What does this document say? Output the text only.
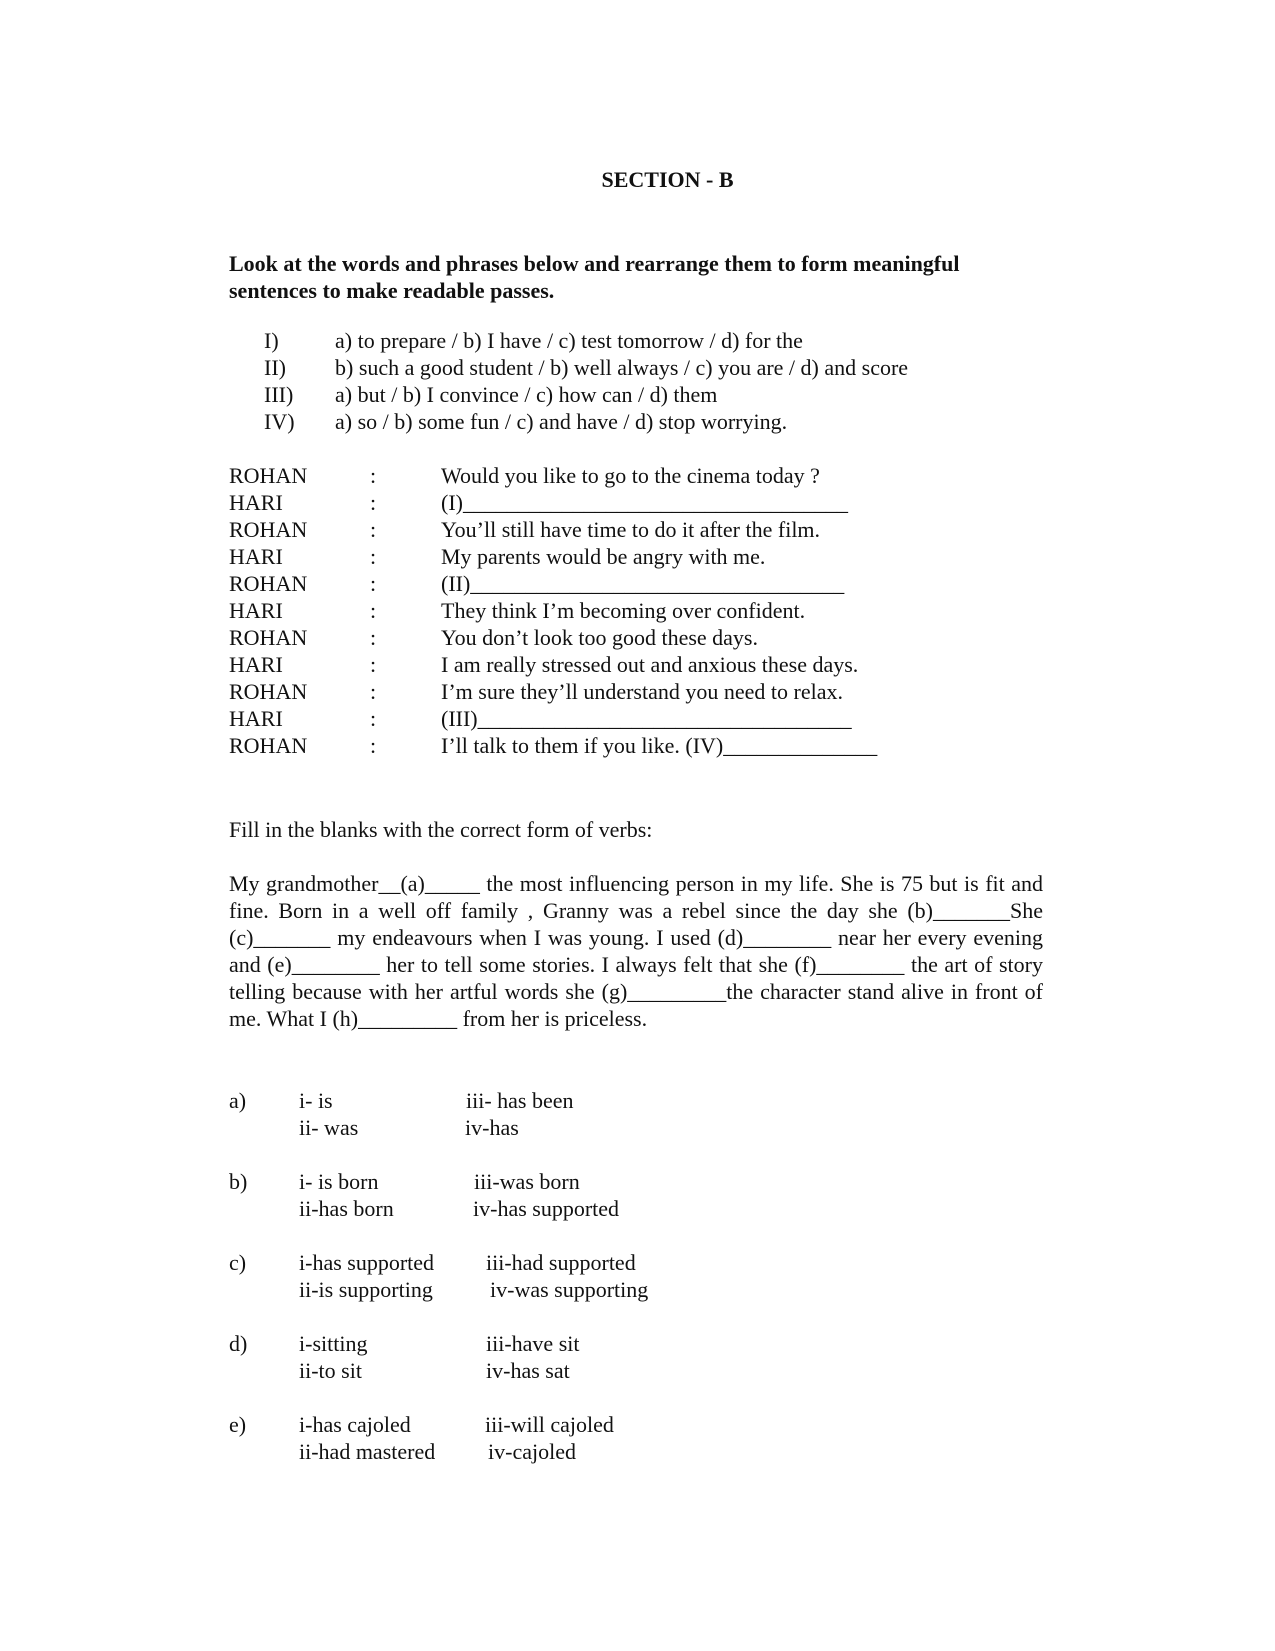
SECTION - B
Look at the words and phrases below and rearrange them to form meaningful sentences to make readable passes.
I)	a) to prepare / b) I have / c) test tomorrow / d) for the
II) b) such a good student / b) well always / c) you are / d) and score
III) a) but / b) I convince / c) how can / d) them
IV) a) so / b) some fun / c) and have / d) stop worrying.
ROHAN	:	Would you like to go to the cinema today ?
HARI	:	(I)___________________________________
ROHAN	:	You’ll still have time to do it after the film.
HARI	:	My parents would be angry with me.
ROHAN	:	(II)__________________________________
HARI	:	They think I’m becoming over confident.
ROHAN	:	You don’t look too good these days.
HARI	:	I am really stressed out and anxious these days.
ROHAN	:	I’m sure they’ll understand you need to relax.
HARI	:	(III)__________________________________
ROHAN	:	I’ll talk to them if you like. (IV)______________
Fill in the blanks with the correct form of verbs:
My grandmother__(a)_____ the most influencing person in my life. She is 75 but is fit and fine. Born in a well off family , Granny was a rebel since the day she (b)_______She (c)_______ my endeavours when I was young. I used (d)________ near her every evening and (e)________ her to tell some stories. I always felt that she (f)________ the art of story telling because with her artful words she (g)_________the character stand alive in front of me. What I (h)_________ from her is priceless.
a) i- is	iii- has been
ii- was	iv-has
b) i- is born	iii-was born
ii-has born	iv-has supported
c) i-has supported iii-had supported
ii-is supporting	iv-was supporting
d) i-sitting	iii-have sit
ii-to sit	iv-has sat
e) i-has cajoled	iii-will cajoled
ii-had mastered iv-cajoled
